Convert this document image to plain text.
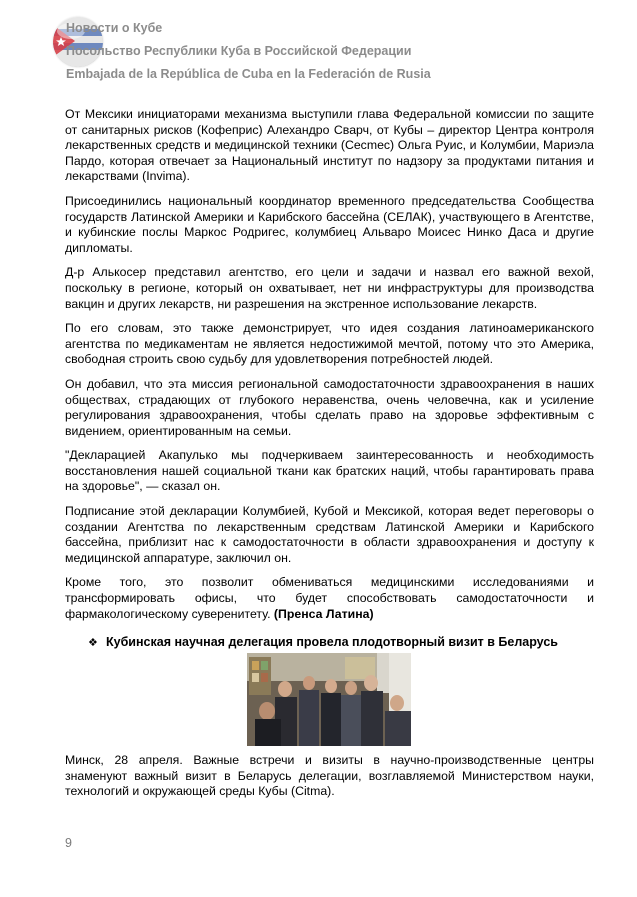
Новости о Кубе
Посольство Республики Куба в Российской Федерации
Embajada de la República de Cuba en la Federación de Rusia

От Мексики инициаторами механизма выступили глава Федеральной комиссии по защите от санитарных рисков (Кофеприс) Алехандро Сварч, от Кубы – директор Центра контроля лекарственных средств и медицинской техники (Cecmec) Ольга Руис, и Колумбии, Мариэла Пардо, которая отвечает за Национальный институт по надзору за продуктами питания и лекарствами (Invima).

Присоединились национальный координатор временного председательства Сообщества государств Латинской Америки и Карибского бассейна (СЕЛАК), участвующего в Агентстве, и кубинские послы Маркос Родригес, колумбиец Альваро Моисес Нинко Даса и другие дипломаты.

Д-р Алькосер представил агентство, его цели и задачи и назвал его важной вехой, поскольку в регионе, который он охватывает, нет ни инфраструктуры для производства вакцин и других лекарств, ни разрешения на экстренное использование лекарств.

По его словам, это также демонстрирует, что идея создания латиноамериканского агентства по медикаментам не является недостижимой мечтой, потому что это Америка, свободная строить свою судьбу для удовлетворения потребностей людей.

Он добавил, что эта миссия региональной самодостаточности здравоохранения в наших обществах, страдающих от глубокого неравенства, очень человечна, как и усиление регулирования здравоохранения, чтобы сделать право на здоровье эффективным с видением, ориентированным на семьи.

"Декларацией Акапулько мы подчеркиваем заинтересованность и необходимость восстановления нашей социальной ткани как братских наций, чтобы гарантировать права на здоровье", — сказал он.

Подписание этой декларации Колумбией, Кубой и Мексикой, которая ведет переговоры о создании Агентства по лекарственным средствам Латинской Америки и Карибского бассейна, приблизит нас к самодостаточности в области здравоохранения и доступу к медицинской аппаратуре, заключил он.

Кроме того, это позволит обмениваться медицинскими исследованиями и трансформировать офисы, что будет способствовать самодостаточности и фармакологическому суверенитету. (Пренса Латина)

❖ Кубинская научная делегация провела плодотворный визит в Беларусь

Минск, 28 апреля. Важные встречи и визиты в научно-производственные центры знаменуют важный визит в Беларусь делегации, возглавляемой Министерством науки, технологий и окружающей среды Кубы (Citma).

9
